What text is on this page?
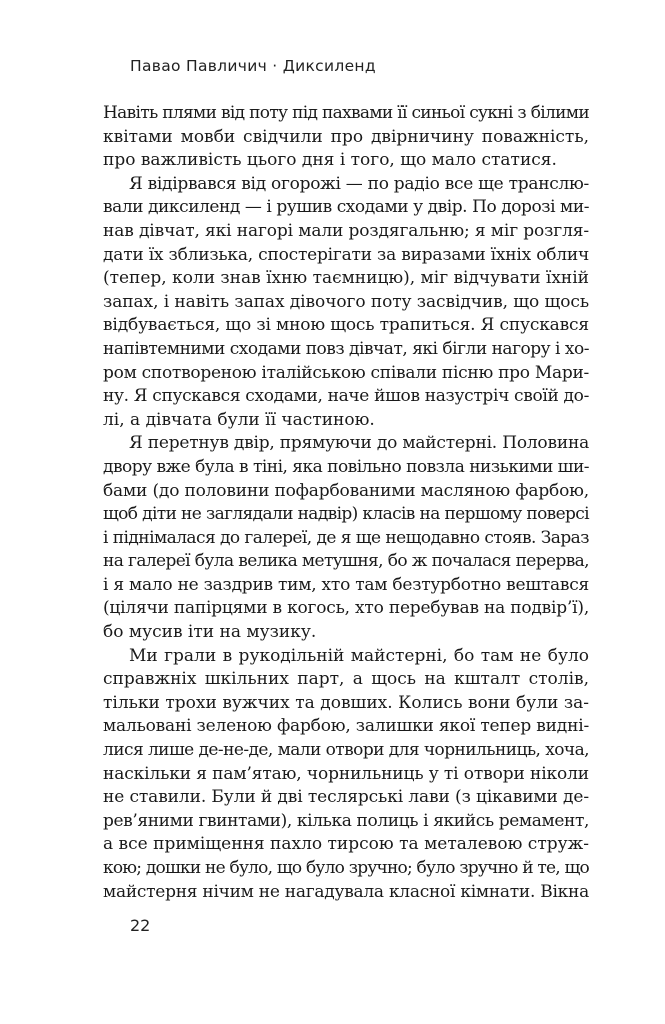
Павао Павличич · Диксиленд
Навіть плями від поту під пахвами її синьої сукні з білими
квітами мовби свідчили про двірничину поважність,
про важливість цього дня і того, що мало статися.
Я відірвався від огорожі — по радіо все ще транслю-
вали диксиленд — і рушив сходами у двір. По дорозі ми-
нав дівчат, які нагорі мали роздягальню; я міг розгля-
дати їх зблизька, спостерігати за виразами їхніх облич
(тепер, коли знав їхню таємницю), міг відчувати їхній
запах, і навіть запах дівочого поту засвідчив, що щось
відбувається, що зі мною щось трапиться. Я спускався
напівтемними сходами повз дівчат, які бігли нагору і хо-
ром спотвореною італійською співали пісню про Мари-
ну. Я спускався сходами, наче йшов назустріч своїй до-
лі, а дівчата були її частиною.
Я перетнув двір, прямуючи до майстерні. Половина
двору вже була в тіні, яка повільно повзла низькими ши-
бами (до половини пофарбованими масляною фарбою,
щоб діти не заглядали надвір) класів на першому поверсі
і піднімалася до галереї, де я ще нещодавно стояв. Зараз
на галереї була велика метушня, бо ж почалася перерва,
і я мало не заздрив тим, хто там безтурботно вештався
(цілячи папірцями в когось, хто перебував на подвір’ї),
бо мусив іти на музику.
Ми грали в рукодільній майстерні, бо там не було
справжніх шкільних парт, а щось на кшталт столів,
тільки трохи вужчих та довших. Колись вони були за-
мальовані зеленою фарбою, залишки якої тепер видні-
лися лише де-не-де, мали отвори для чорнильниць, хоча,
наскільки я пам’ятаю, чорнильниць у ті отвори ніколи
не ставили. Були й дві теслярські лави (з цікавими де-
рев’яними гвинтами), кілька полиць і якийсь ремамент,
а все приміщення пахло тирсою та металевою струж-
кою; дошки не було, що було зручно; було зручно й те, що
майстерня нічим не нагадувала класної кімнати. Вікна
22
